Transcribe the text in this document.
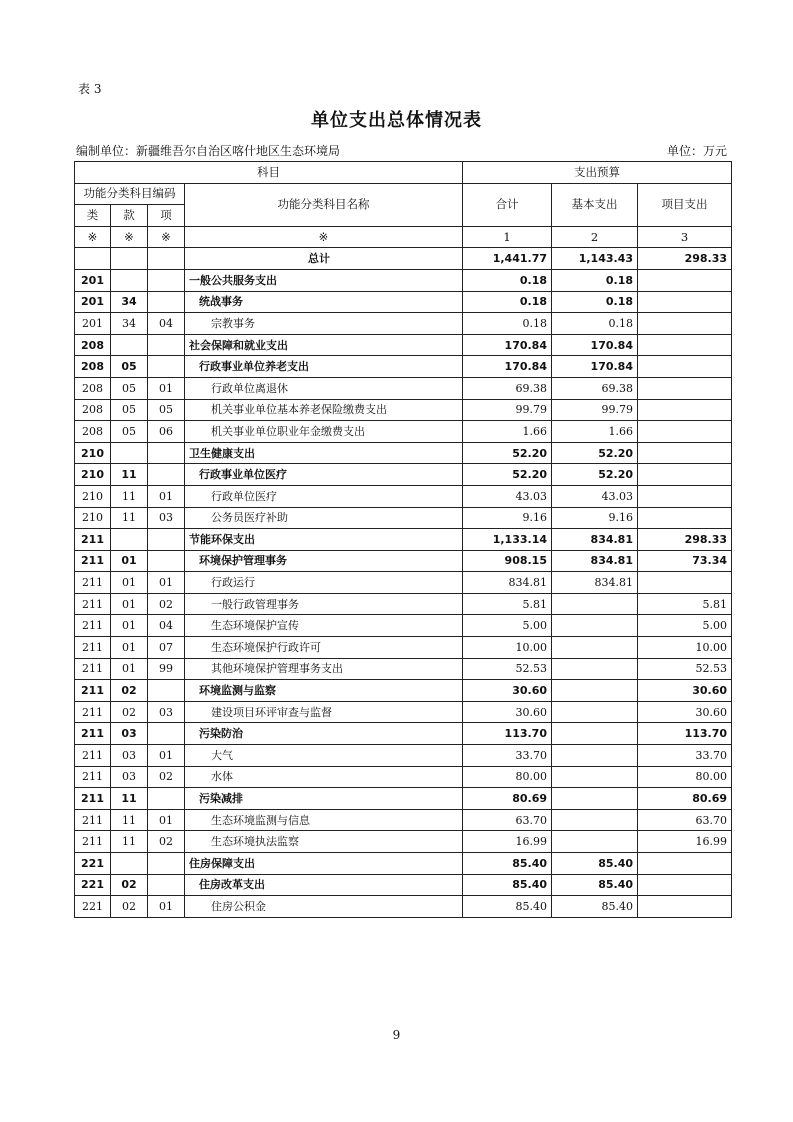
表 3
单位支出总体情况表
编制单位：新疆维吾尔自治区喀什地区生态环境局	单位：万元
科目				支出预算		
功能分类科目编码			功能分类科目名称	合计	基本支出	项目支出
类	款	项				
※	※	※	※	1	2	3
			总计	1,441.77	1,143.43	298.33
201			一般公共服务支出	0.18	0.18	
201	34		统战事务	0.18	0.18	
201	34	04	宗教事务	0.18	0.18	
208			社会保障和就业支出	170.84	170.84	
208	05		行政事业单位养老支出	170.84	170.84	
208	05	01	行政单位离退休	69.38	69.38	
208	05	05	机关事业单位基本养老保险缴费支出	99.79	99.79	
208	05	06	机关事业单位职业年金缴费支出	1.66	1.66	
210			卫生健康支出	52.20	52.20	
210	11		行政事业单位医疗	52.20	52.20	
210	11	01	行政单位医疗	43.03	43.03	
210	11	03	公务员医疗补助	9.16	9.16	
211			节能环保支出	1,133.14	834.81	298.33
211	01		环境保护管理事务	908.15	834.81	73.34
211	01	01	行政运行	834.81	834.81	
211	01	02	一般行政管理事务	5.81		5.81
211	01	04	生态环境保护宣传	5.00		5.00
211	01	07	生态环境保护行政许可	10.00		10.00
211	01	99	其他环境保护管理事务支出	52.53		52.53
211	02		环境监测与监察	30.60		30.60
211	02	03	建设项目环评审查与监督	30.60		30.60
211	03		污染防治	113.70		113.70
211	03	01	大气	33.70		33.70
211	03	02	水体	80.00		80.00
211	11		污染减排	80.69		80.69
211	11	01	生态环境监测与信息	63.70		63.70
211	11	02	生态环境执法监察	16.99		16.99
221			住房保障支出	85.40	85.40	
221	02		住房改革支出	85.40	85.40	
221	02	01	住房公积金	85.40	85.40	
9
